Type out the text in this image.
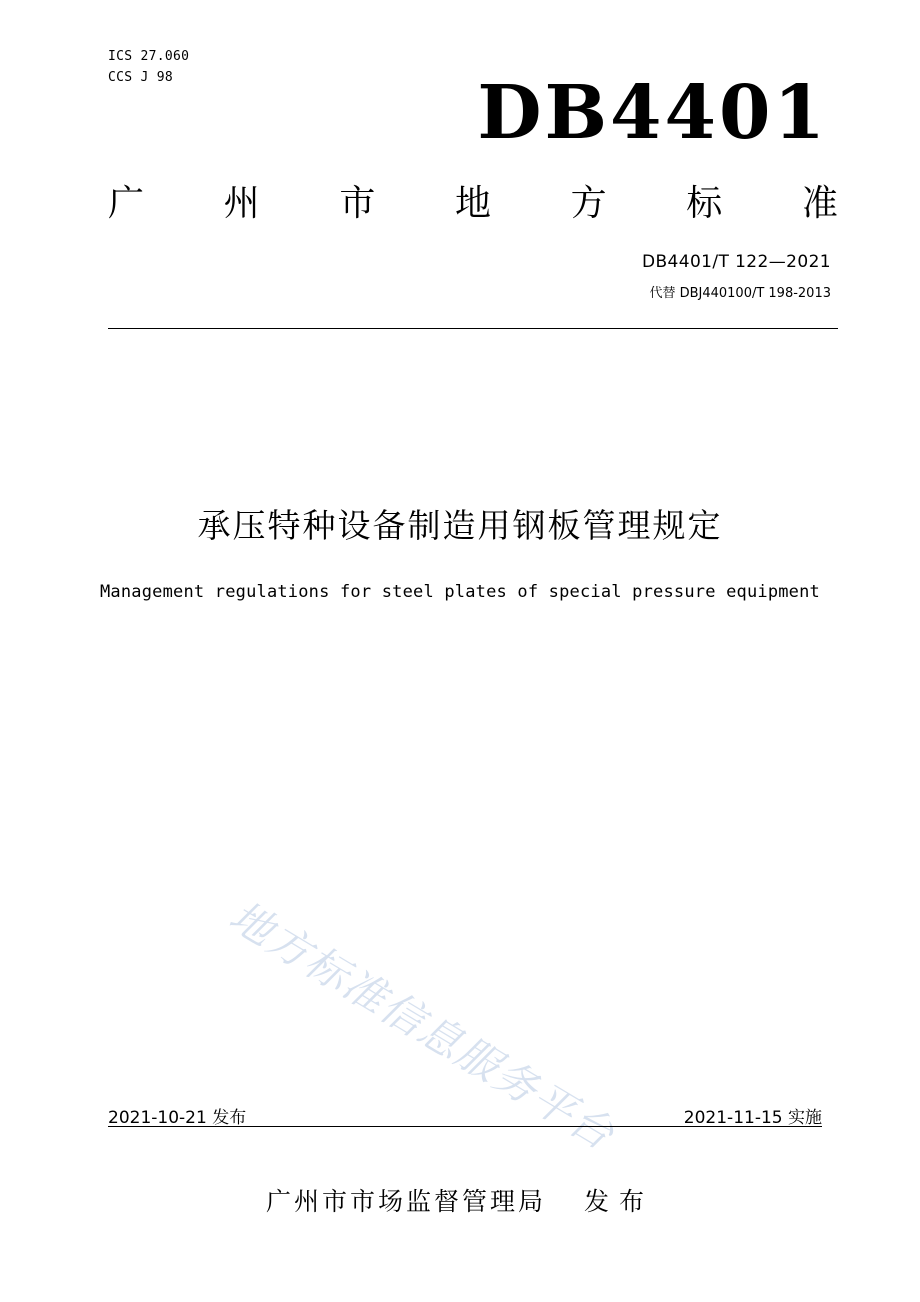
ICS 27.060
CCS J 98	DB4401
广 州 市 地 方 标 准
DB4401/T 122—2021
代替 DBJ440100/T 198-2013
承压特种设备制造用钢板管理规定
Management regulations for steel plates of special pressure equipment
地方标准信息服务平台
2021-10-21 发布	2021-11-15 实施
广州市市场监督管理局 发布
